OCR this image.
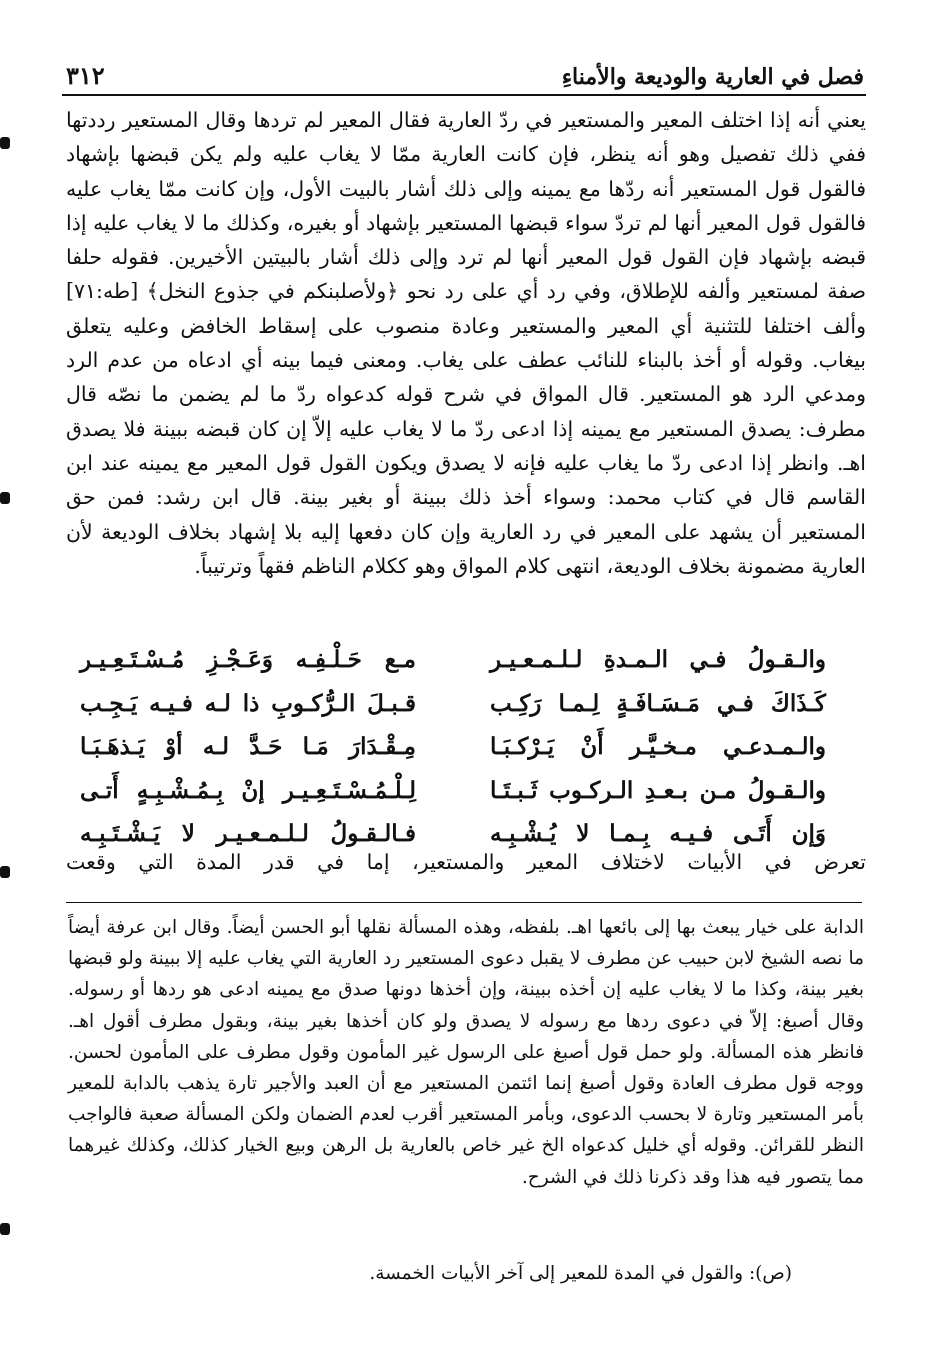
فصل في العارية والوديعة والأمناءِ
٣١٢

يعني أنه إذا اختلف المعير والمستعير في ردّ العارية فقال المعير لم تردها وقال المستعير رددتها ففي ذلك تفصيل وهو أنه ينظر، فإن كانت العارية ممّا لا يغاب عليه ولم يكن قبضها بإشهاد فالقول قول المستعير أنه ردّها مع يمينه وإلى ذلك أشار بالبيت الأول، وإن كانت ممّا يغاب عليه فالقول قول المعير أنها لم تردّ سواء قبضها المستعير بإشهاد أو بغيره، وكذلك ما لا يغاب عليه إذا قبضه بإشهاد فإن القول قول المعير أنها لم ترد وإلى ذلك أشار بالبيتين الأخيرين. فقوله حلفا صفة لمستعير وألفه للإطلاق، وفي رد أي على رد نحو ﴿ولأصلبنكم في جذوع النخل﴾ [طه:٧١] وألف اختلفا للتثنية أي المعير والمستعير وعادة منصوب على إسقاط الخافض وعليه يتعلق بيغاب. وقوله أو أخذ بالبناء للنائب عطف على يغاب. ومعنى فيما بينه أي ادعاه من عدم الرد ومدعي الرد هو المستعير. قال المواق في شرح قوله كدعواه ردّ ما لم يضمن ما نصّه قال مطرف: يصدق المستعير مع يمينه إذا ادعى ردّ ما لا يغاب عليه إلاّ إن كان قبضه ببينة فلا يصدق اهـ. وانظر إذا ادعى ردّ ما يغاب عليه فإنه لا يصدق ويكون القول قول المعير مع يمينه عند ابن القاسم قال في كتاب محمد: وسواء أخذ ذلك ببينة أو بغير بينة. قال ابن رشد: فمن حق المستعير أن يشهد على المعير في رد العارية وإن كان دفعها إليه بلا إشهاد بخلاف الوديعة لأن العارية مضمونة بخلاف الوديعة، انتهى كلام المواق وهو ككلام الناظم فقهاً وترتيباً.

والـقـولُ فـي الـمـدةِ لـلـمـعـيـر
مـع حَـلْـفِـه وَعَـجْـزِ مُـسْـتَـعِـيـر
كَـذَاكَ فـي مَـسَـافَـةٍ لِـمـا رَكِـب
قـبـلَ الـرُّكـوبِ ذا لـه فـيـه يَـجِـب
والـمـدعـي مـخـيَّـر أَنْ يَـرْكـبَـا
مِـقْـدَارَ مَـا حَـدَّ لـه أوْ يَـذهَـبَـا
والـقـولُ مـن بـعـدِ الـركـوب ثَـبـتَـا
لِـلْـمُـسْـتَـعِـيـر إنْ بِـمُـشْـبِـهٍ أَتـى
وَإن أَتَـى فـيـه بِـمـا لا يُـشْـبِـه
فـالـقـولُ لـلـمـعـيـر لا يَـشْـتَـبِـه
تعرض في الأبيات لاختلاف المعير والمستعير، إما في قدر المدة التي وقعت

الدابة على خيار يبعث بها إلى بائعها اهـ. بلفظه، وهذه المسألة نقلها أبو الحسن أيضاً. وقال ابن عرفة أيضاً ما نصه الشيخ لابن حبيب عن مطرف لا يقبل دعوى المستعير رد العارية التي يغاب عليه إلا ببينة ولو قبضها بغير بينة، وكذا ما لا يغاب عليه إن أخذه ببينة، وإن أخذها دونها صدق مع يمينه ادعى هو ردها أو رسوله. وقال أصبغ: إلاّ في دعوى ردها مع رسوله لا يصدق ولو كان أخذها بغير بينة، وبقول مطرف أقول اهـ. فانظر هذه المسألة. ولو حمل قول أصبغ على الرسول غير المأمون وقول مطرف على المأمون لحسن. ووجه قول مطرف العادة وقول أصبغ إنما ائتمن المستعير مع أن العبد والأجير تارة يذهب بالدابة للمعير بأمر المستعير وتارة لا بحسب الدعوى، وبأمر المستعير أقرب لعدم الضمان ولكن المسألة صعبة فالواجب النظر للقرائن. وقوله أي خليل كدعواه الخ غير خاص بالعارية بل الرهن وبيع الخيار كذلك، وكذلك غيرهما مما يتصور فيه هذا وقد ذكرنا ذلك في الشرح.

(ص): والقول في المدة للمعير إلى آخر الأبيات الخمسة.
